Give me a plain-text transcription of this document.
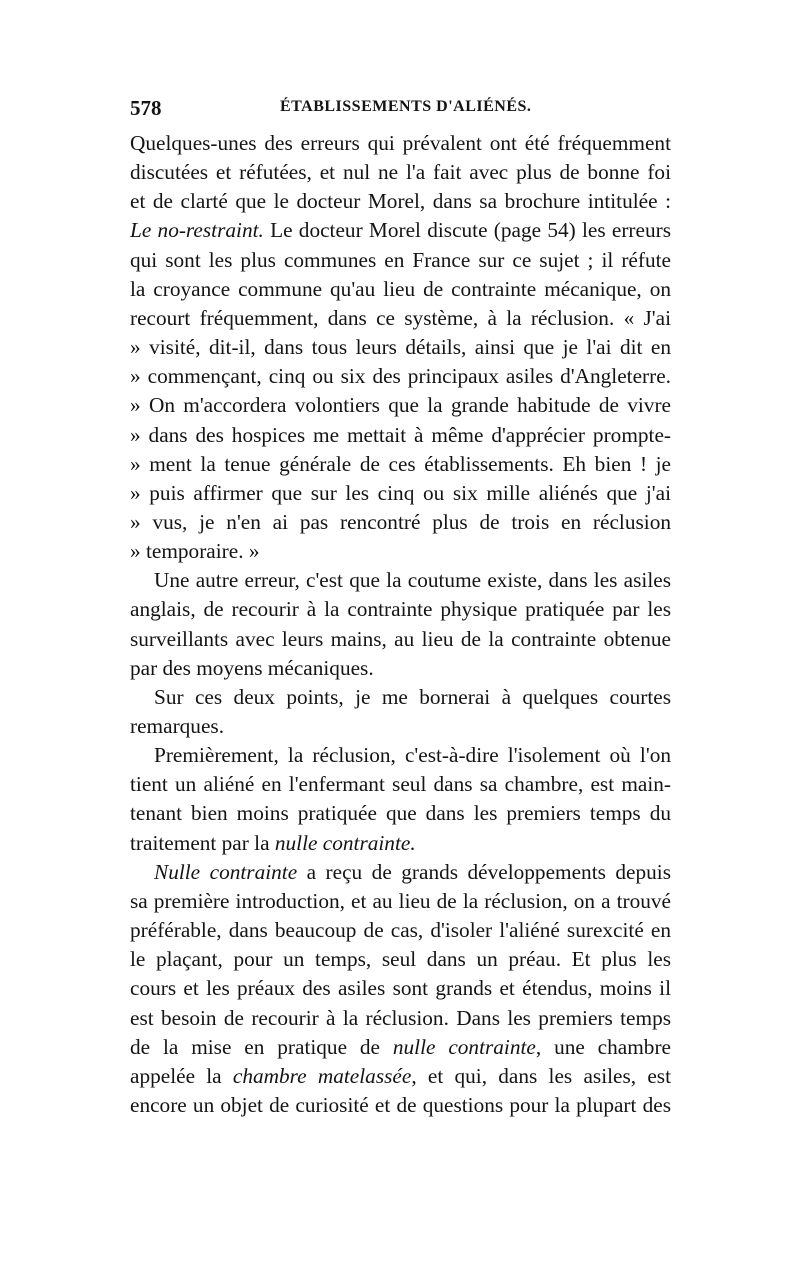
578	ÉTABLISSEMENTS D'ALIÉNÉS.
Quelques-unes des erreurs qui prévalent ont été fréquemment
discutées et réfutées, et nul ne l'a fait avec plus de bonne foi
et de clarté que le docteur Morel, dans sa brochure intitulée :
Le no-restraint. Le docteur Morel discute (page 54) les erreurs
qui sont les plus communes en France sur ce sujet ; il réfute
la croyance commune qu'au lieu de contrainte mécanique, on
recourt fréquemment, dans ce système, à la réclusion. « J'ai
» visité, dit-il, dans tous leurs détails, ainsi que je l'ai dit en
» commençant, cinq ou six des principaux asiles d'Angleterre.
» On m'accordera volontiers que la grande habitude de vivre
» dans des hospices me mettait à même d'apprécier prompte-
» ment la tenue générale de ces établissements. Eh bien ! je
» puis affirmer que sur les cinq ou six mille aliénés que j'ai
» vus, je n'en ai pas rencontré plus de trois en réclusion
» temporaire. »
Une autre erreur, c'est que la coutume existe, dans les asiles
anglais, de recourir à la contrainte physique pratiquée par les
surveillants avec leurs mains, au lieu de la contrainte obtenue
par des moyens mécaniques.
Sur ces deux points, je me bornerai à quelques courtes
remarques.
Premièrement, la réclusion, c'est-à-dire l'isolement où l'on
tient un aliéné en l'enfermant seul dans sa chambre, est main-
tenant bien moins pratiquée que dans les premiers temps du
traitement par la nulle contrainte.
Nulle contrainte a reçu de grands développements depuis
sa première introduction, et au lieu de la réclusion, on a trouvé
préférable, dans beaucoup de cas, d'isoler l'aliéné surexcité en
le plaçant, pour un temps, seul dans un préau. Et plus les
cours et les préaux des asiles sont grands et étendus, moins il
est besoin de recourir à la réclusion. Dans les premiers temps
de la mise en pratique de nulle contrainte, une chambre
appelée la chambre matelassée, et qui, dans les asiles, est
encore un objet de curiosité et de questions pour la plupart des
